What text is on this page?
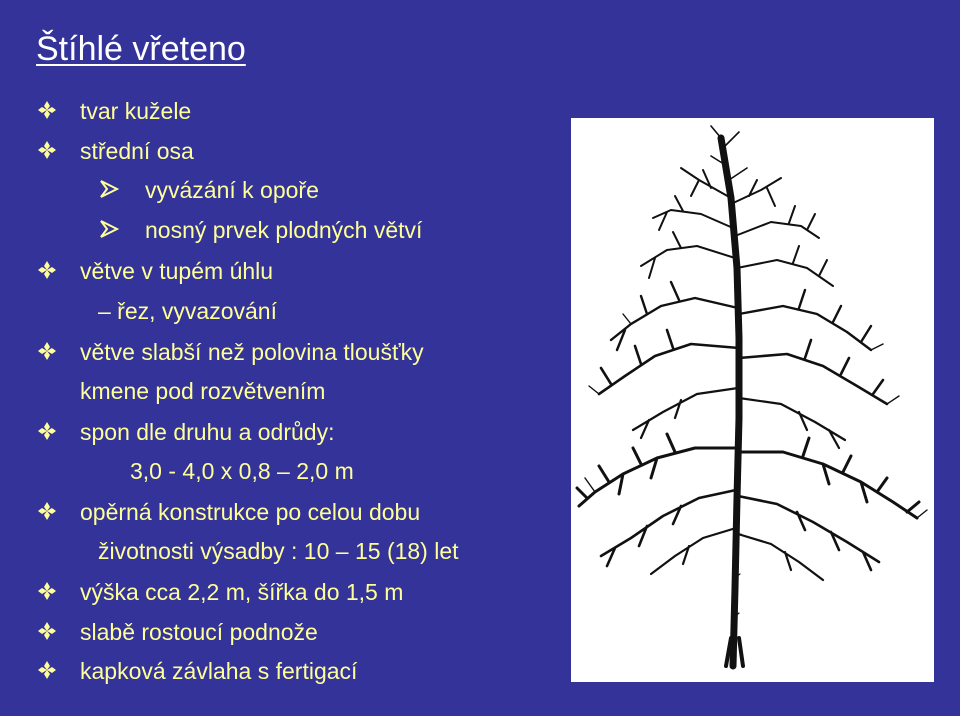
Štíhlé vřeteno
tvar kužele
střední osa
vyvázání k opoře
nosný prvek plodných větví
větve v tupém úhlu
– řez, vyvazování
větve slabší než polovina tloušťky
kmene pod rozvětvením
spon dle druhu a odrůdy:
3,0 - 4,0 x 0,8 – 2,0 m
opěrná konstrukce po celou dobu
životnosti výsadby : 10 – 15 (18) let
výška cca 2,2 m, šířka do 1,5 m
slabě rostoucí podnože
kapková závlaha s fertigací
